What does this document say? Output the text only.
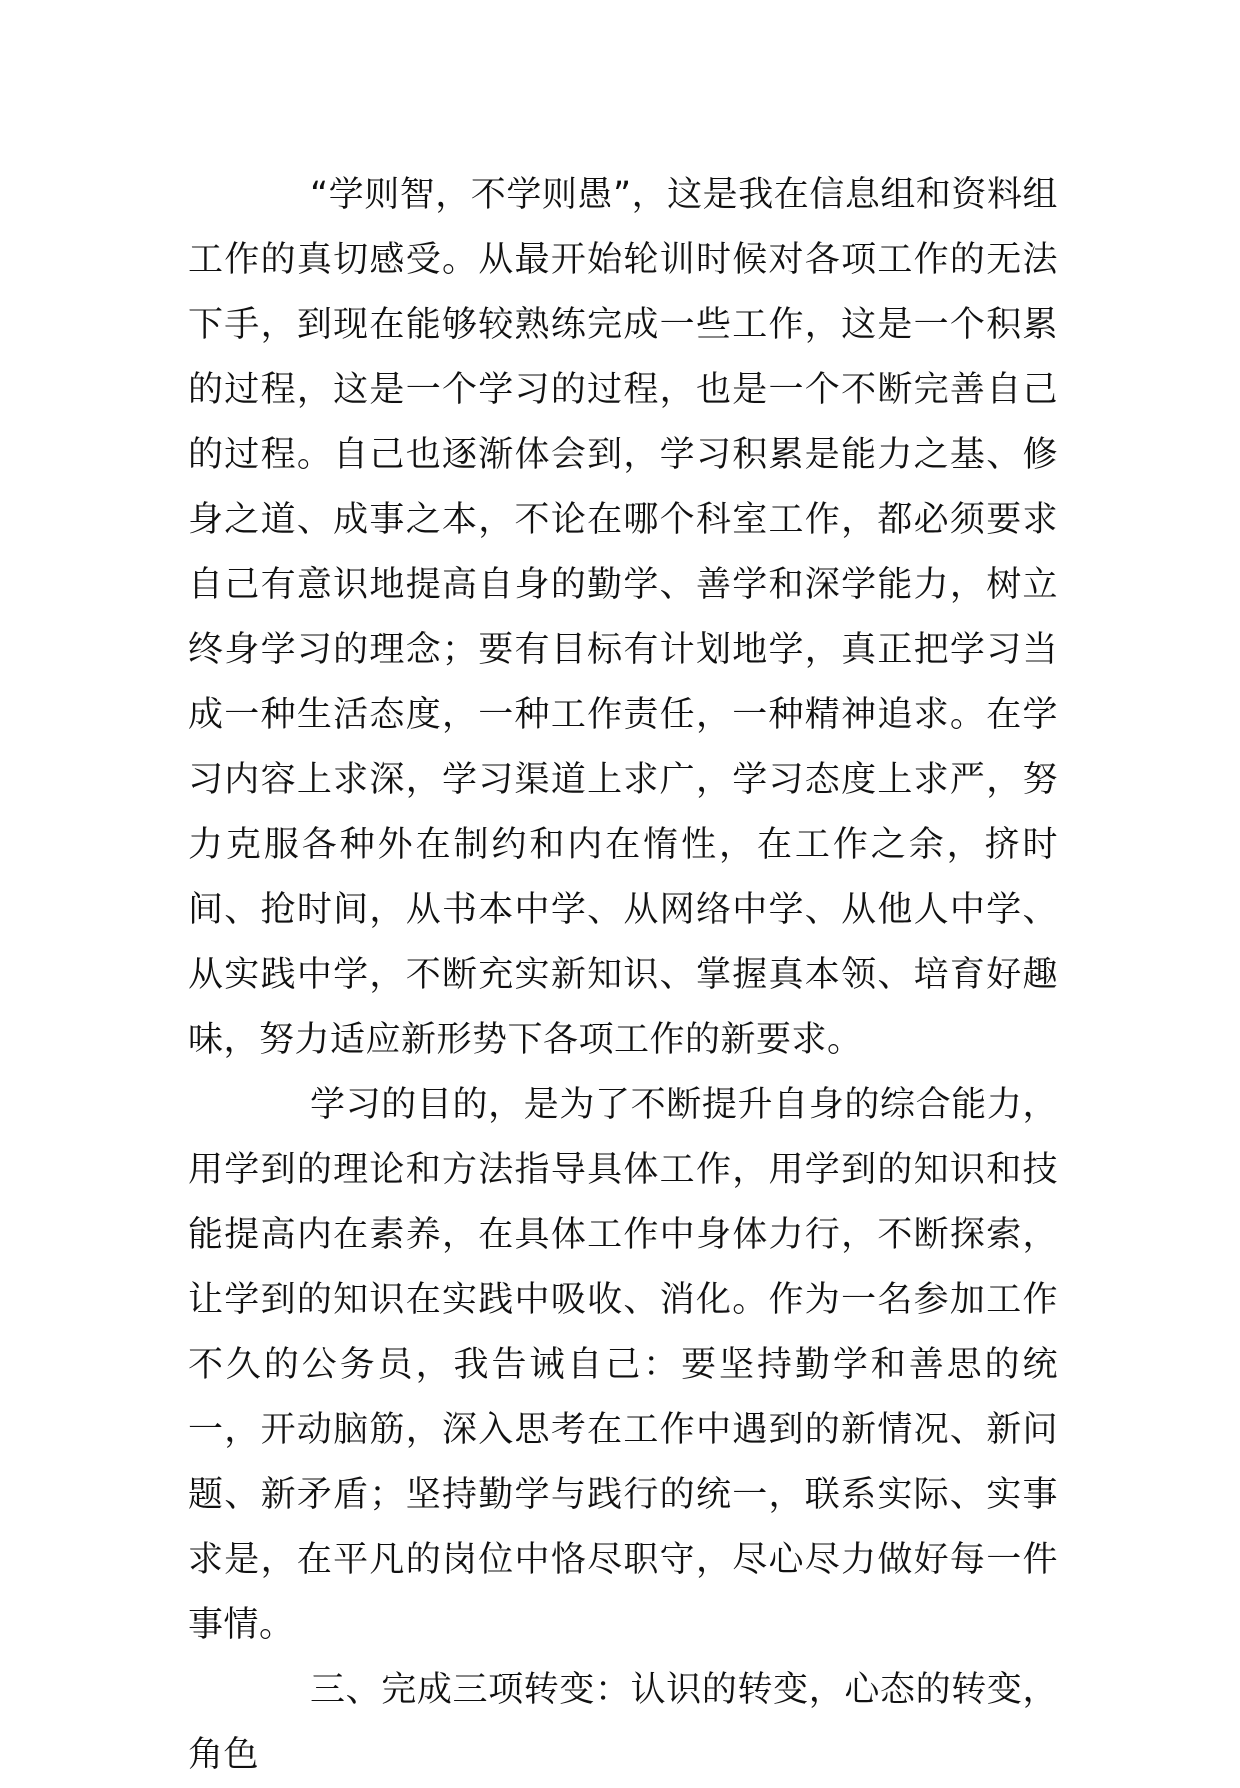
“学则智，不学则愚”，这是我在信息组和资料组工作的真切感受。从最开始轮训时候对各项工作的无法下手，到现在能够较熟练完成一些工作，这是一个积累的过程，这是一个学习的过程，也是一个不断完善自己的过程。自己也逐渐体会到，学习积累是能力之基、修身之道、成事之本，不论在哪个科室工作，都必须要求自己有意识地提高自身的勤学、善学和深学能力，树立终身学习的理念；要有目标有计划地学，真正把学习当成一种生活态度，一种工作责任，一种精神追求。在学习内容上求深，学习渠道上求广，学习态度上求严，努力克服各种外在制约和内在惰性，在工作之余，挤时间、抢时间，从书本中学、从网络中学、从他人中学、从实践中学，不断充实新知识、掌握真本领、培育好趣味，努力适应新形势下各项工作的新要求。

学习的目的，是为了不断提升自身的综合能力，用学到的理论和方法指导具体工作，用学到的知识和技能提高内在素养，在具体工作中身体力行，不断探索，让学到的知识在实践中吸收、消化。作为一名参加工作不久的公务员，我告诫自己：要坚持勤学和善思的统一，开动脑筋，深入思考在工作中遇到的新情况、新问题、新矛盾；坚持勤学与践行的统一，联系实际、实事求是，在平凡的岗位中恪尽职守，尽心尽力做好每一件事情。

三、完成三项转变：认识的转变，心态的转变，角色
